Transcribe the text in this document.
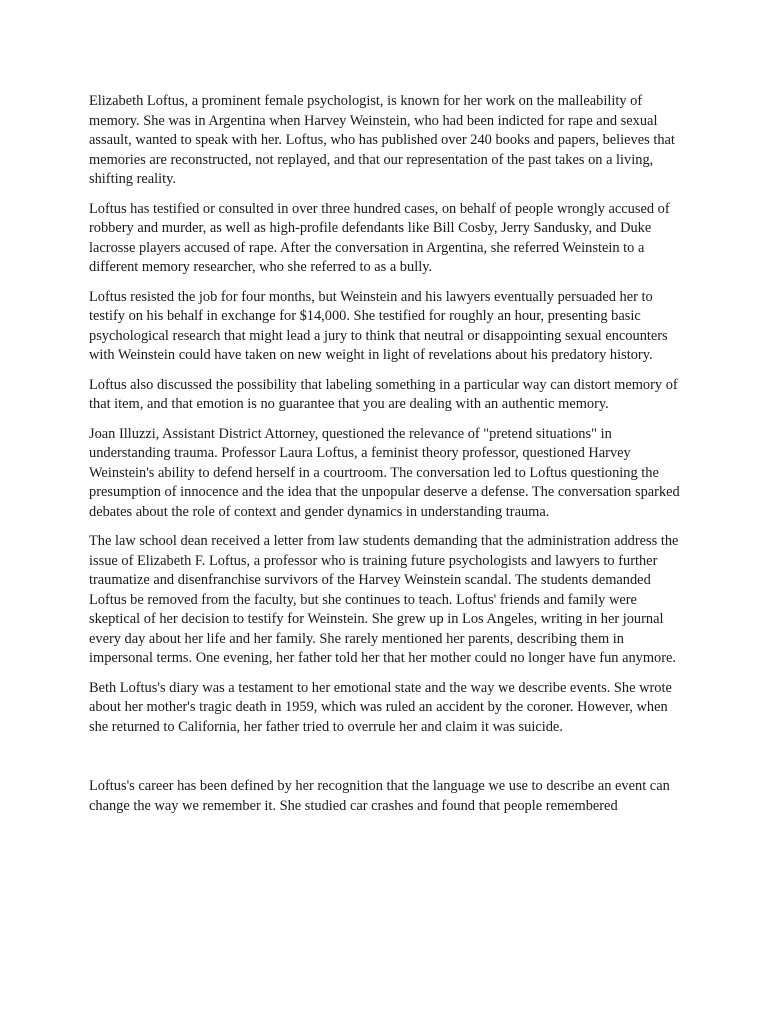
Elizabeth Loftus, a prominent female psychologist, is known for her work on the malleability of memory. She was in Argentina when Harvey Weinstein, who had been indicted for rape and sexual assault, wanted to speak with her. Loftus, who has published over 240 books and papers, believes that memories are reconstructed, not replayed, and that our representation of the past takes on a living, shifting reality.

Loftus has testified or consulted in over three hundred cases, on behalf of people wrongly accused of robbery and murder, as well as high-profile defendants like Bill Cosby, Jerry Sandusky, and Duke lacrosse players accused of rape. After the conversation in Argentina, she referred Weinstein to a different memory researcher, who she referred to as a bully.

Loftus resisted the job for four months, but Weinstein and his lawyers eventually persuaded her to testify on his behalf in exchange for $14,000. She testified for roughly an hour, presenting basic psychological research that might lead a jury to think that neutral or disappointing sexual encounters with Weinstein could have taken on new weight in light of revelations about his predatory history.

Loftus also discussed the possibility that labeling something in a particular way can distort memory of that item, and that emotion is no guarantee that you are dealing with an authentic memory.

Joan Illuzzi, Assistant District Attorney, questioned the relevance of "pretend situations" in understanding trauma. Professor Laura Loftus, a feminist theory professor, questioned Harvey Weinstein's ability to defend herself in a courtroom. The conversation led to Loftus questioning the presumption of innocence and the idea that the unpopular deserve a defense. The conversation sparked debates about the role of context and gender dynamics in understanding trauma.

The law school dean received a letter from law students demanding that the administration address the issue of Elizabeth F. Loftus, a professor who is training future psychologists and lawyers to further traumatize and disenfranchise survivors of the Harvey Weinstein scandal. The students demanded Loftus be removed from the faculty, but she continues to teach. Loftus' friends and family were skeptical of her decision to testify for Weinstein. She grew up in Los Angeles, writing in her journal every day about her life and her family. She rarely mentioned her parents, describing them in impersonal terms. One evening, her father told her that her mother could no longer have fun anymore.

Beth Loftus's diary was a testament to her emotional state and the way we describe events. She wrote about her mother's tragic death in 1959, which was ruled an accident by the coroner. However, when she returned to California, her father tried to overrule her and claim it was suicide.

Loftus's career has been defined by her recognition that the language we use to describe an event can change the way we remember it. She studied car crashes and found that people remembered
